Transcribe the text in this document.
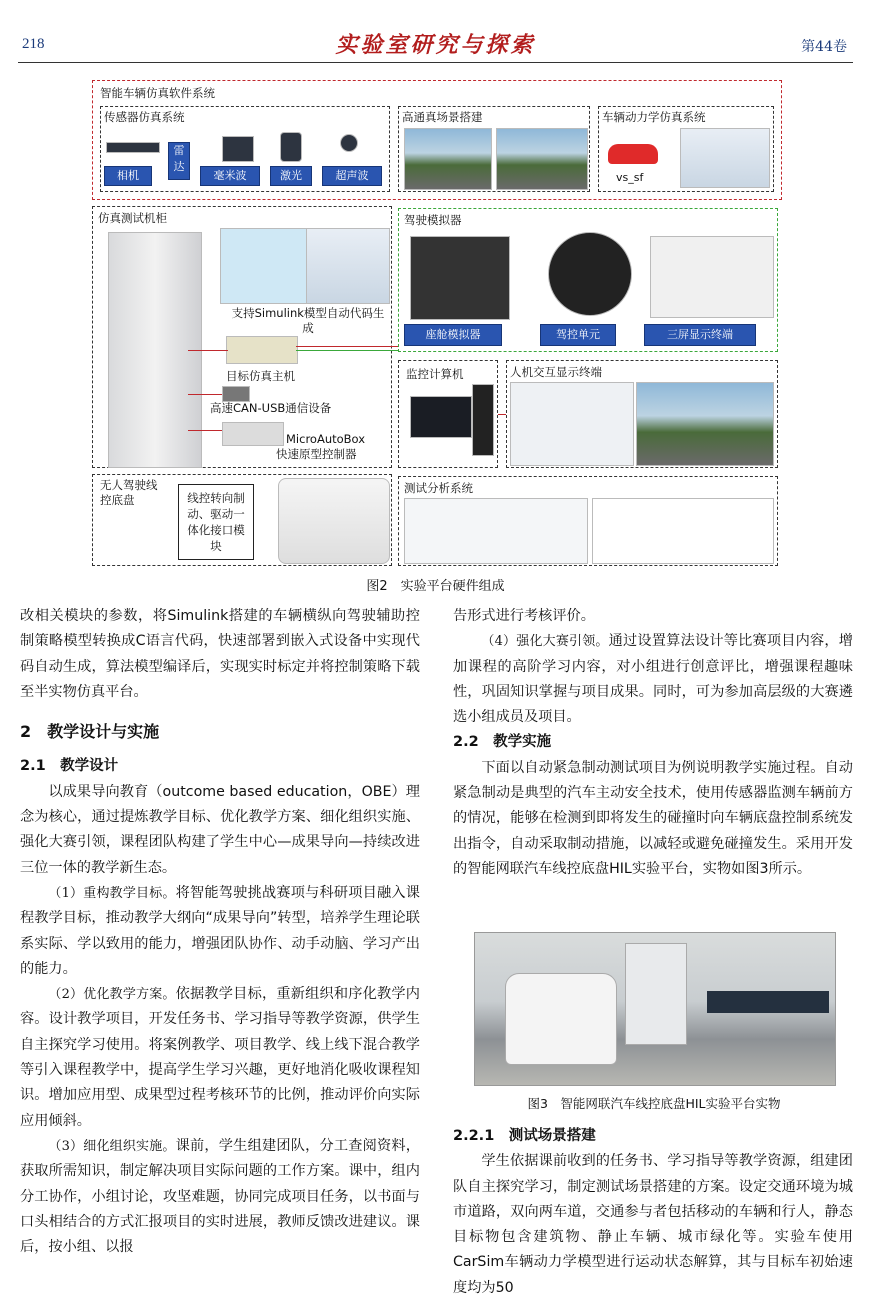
218	实验室研究与探索	第44卷
智能车辆仿真软件系统
传感器仿真系统
相机
雷达
毫米波	激光	超声波
高通真场景搭建	车辆动力学仿真系统
vs_sf
仿真测试机柜
支持Simulink模型自动代码生成
目标仿真主机
高速CAN-USB通信设备
MicroAutoBox
快速原型控制器
驾驶模拟器
座舱模拟器	驾控单元	三屏显示终端
监控计算机	人机交互显示终端
无人驾驶线控底盘	线控转向制动、驱动一体化接口模块
测试分析系统
图2　实验平台硬件组成

改相关模块的参数，将Simulink搭建的车辆横纵向驾驶辅助控制策略模型转换成C语言代码，快速部署到嵌入式设备中实现代码自动生成，算法模型编译后，实现实时标定并将控制策略下载至半实物仿真平台。

2　教学设计与实施

2.1　教学设计

以成果导向教育（outcome based education，OBE）理念为核心，通过提炼教学目标、优化教学方案、细化组织实施、强化大赛引领，课程团队构建了学生中心—成果导向—持续改进三位一体的教学新生态。

（1）重构教学目标。将智能驾驶挑战赛项与科研项目融入课程教学目标，推动教学大纲向“成果导向”转型，培养学生理论联系实际、学以致用的能力，增强团队协作、动手动脑、学习产出的能力。

（2）优化教学方案。依据教学目标，重新组织和序化教学内容。设计教学项目，开发任务书、学习指导等教学资源，供学生自主探究学习使用。将案例教学、项目教学、线上线下混合教学等引入课程教学中，提高学生学习兴趣，更好地消化吸收课程知识。增加应用型、成果型过程考核环节的比例，推动评价向实际应用倾斜。

（3）细化组织实施。课前，学生组建团队，分工查阅资料，获取所需知识，制定解决项目实际问题的工作方案。课中，组内分工协作，小组讨论，攻坚难题，协同完成项目任务，以书面与口头相结合的方式汇报项目的实时进展，教师反馈改进建议。课后，按小组、以报

告形式进行考核评价。

（4）强化大赛引领。通过设置算法设计等比赛项目内容，增加课程的高阶学习内容，对小组进行创意评比，增强课程趣味性，巩固知识掌握与项目成果。同时，可为参加高层级的大赛遴选小组成员及项目。

2.2　教学实施

下面以自动紧急制动测试项目为例说明教学实施过程。自动紧急制动是典型的汽车主动安全技术，使用传感器监测车辆前方的情况，能够在检测到即将发生的碰撞时向车辆底盘控制系统发出指令，自动采取制动措施，以减轻或避免碰撞发生。采用开发的智能网联汽车线控底盘HIL实验平台，实物如图3所示。

图3　智能网联汽车线控底盘HIL实验平台实物

2.2.1　测试场景搭建

学生依据课前收到的任务书、学习指导等教学资源，组建团队自主探究学习，制定测试场景搭建的方案。设定交通环境为城市道路，双向两车道，交通参与者包括移动的车辆和行人，静态目标物包含建筑物、静止车辆、城市绿化等。实验车使用CarSim车辆动力学模型进行运动状态解算，其与目标车初始速度均为50
